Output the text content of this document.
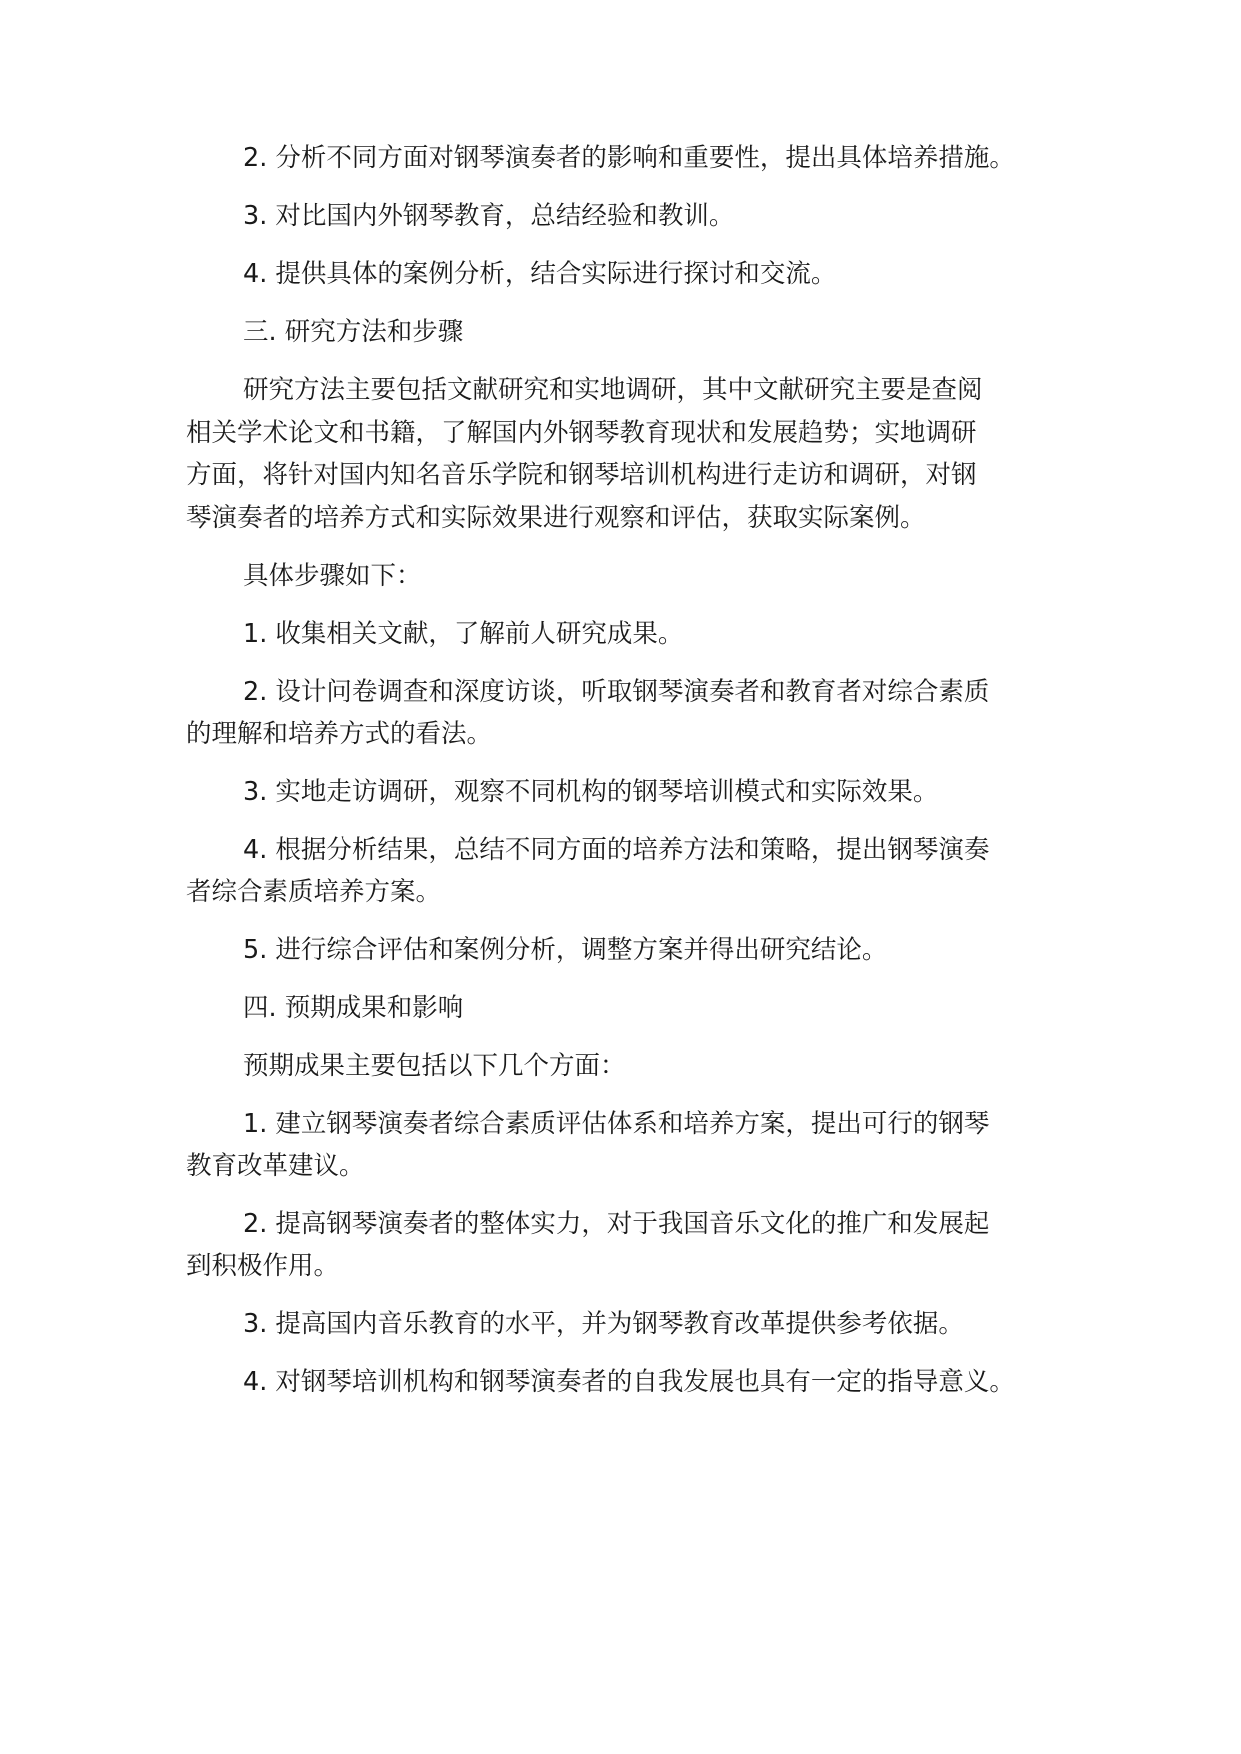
2. 分析不同方面对钢琴演奏者的影响和重要性，提出具体培养措施。
3. 对比国内外钢琴教育，总结经验和教训。
4. 提供具体的案例分析，结合实际进行探讨和交流。
三. 研究方法和步骤
研究方法主要包括文献研究和实地调研，其中文献研究主要是查阅
相关学术论文和书籍，了解国内外钢琴教育现状和发展趋势；实地调研
方面，将针对国内知名音乐学院和钢琴培训机构进行走访和调研，对钢
琴演奏者的培养方式和实际效果进行观察和评估，获取实际案例。
具体步骤如下：
1. 收集相关文献，了解前人研究成果。
2. 设计问卷调查和深度访谈，听取钢琴演奏者和教育者对综合素质
的理解和培养方式的看法。
3. 实地走访调研，观察不同机构的钢琴培训模式和实际效果。
4. 根据分析结果，总结不同方面的培养方法和策略，提出钢琴演奏
者综合素质培养方案。
5. 进行综合评估和案例分析，调整方案并得出研究结论。
四. 预期成果和影响
预期成果主要包括以下几个方面：
1. 建立钢琴演奏者综合素质评估体系和培养方案，提出可行的钢琴
教育改革建议。
2. 提高钢琴演奏者的整体实力，对于我国音乐文化的推广和发展起
到积极作用。
3. 提高国内音乐教育的水平，并为钢琴教育改革提供参考依据。
4. 对钢琴培训机构和钢琴演奏者的自我发展也具有一定的指导意义。
